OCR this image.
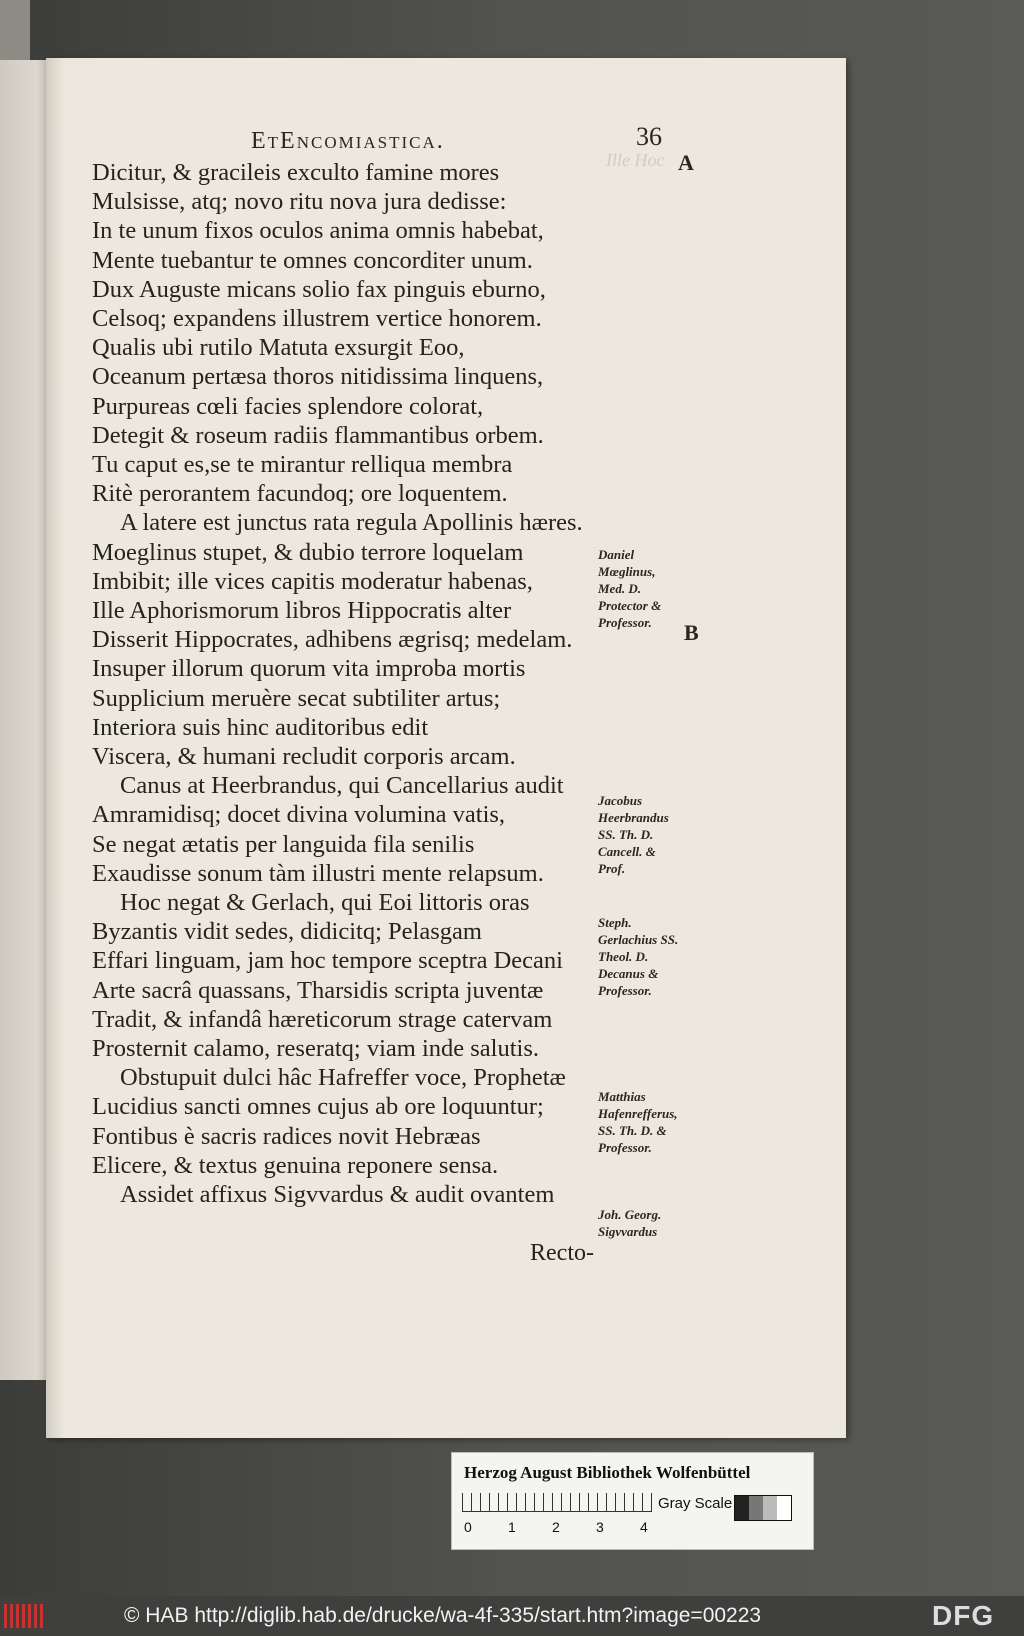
Ille Hoc
EtEncomiastica.	36
A
B
Dicitur, & gracileis exculto famine mores
Mulsisse, atq; novo ritu nova jura dedisse:
In te unum fixos oculos anima omnis habebat,
Mente tuebantur te omnes concorditer unum.
Dux Auguste micans solio fax pinguis eburno,
Celsoq; expandens illustrem vertice honorem.
Qualis ubi rutilo Matuta exsurgit Eoo,
Oceanum pertæsa thoros nitidissima linquens,
Purpureas cœli facies splendore colorat,
Detegit & roseum radiis flammantibus orbem.
Tu caput es,se te mirantur relliqua membra
Ritè perorantem facundoq; ore loquentem.
A latere est junctus rata regula Apollinis hæres.
Moeglinus stupet, & dubio terrore loquelam
Imbibit; ille vices capitis moderatur habenas,
Ille Aphorismorum libros Hippocratis alter
Disserit Hippocrates, adhibens ægrisq; medelam.
Insuper illorum quorum vita improba mortis
Supplicium meruère secat subtiliter artus;
Interiora suis hinc auditoribus edit
Viscera, & humani recludit corporis arcam.
Canus at Heerbrandus, qui Cancellarius audit
Amramidisq; docet divina volumina vatis,
Se negat ætatis per languida fila senilis
Exaudisse sonum tàm illustri mente relapsum.
Hoc negat & Gerlach, qui Eoi littoris oras
Byzantis vidit sedes, didicitq; Pelasgam
Effari linguam, jam hoc tempore sceptra Decani
Arte sacrâ quassans, Tharsidis scripta juventæ
Tradit, & infandâ hæreticorum strage catervam
Prosternit calamo, reseratq; viam inde salutis.
Obstupuit dulci hâc Hafreffer voce, Prophetæ
Lucidius sancti omnes cujus ab ore loquuntur;
Fontibus è sacris radices novit Hebræas
Elicere, & textus genuina reponere sensa.
Assidet affixus Sigvvardus & audit ovantem
Daniel Mœglinus, Med. D. Protector & Professor.
Jacobus Heerbrandus SS. Th. D. Cancell. & Prof.
Steph. Gerlachius SS. Theol. D. Decanus & Professor.
Matthias Hafenrefferus, SS. Th. D. & Professor.
Joh. Georg. Sigvvardus
Recto-
Herzog August Bibliothek Wolfenbüttel
0	1	2	3	4
Gray Scale
© HAB http://diglib.hab.de/drucke/wa-4f-335/start.htm?image=00223	DFG
